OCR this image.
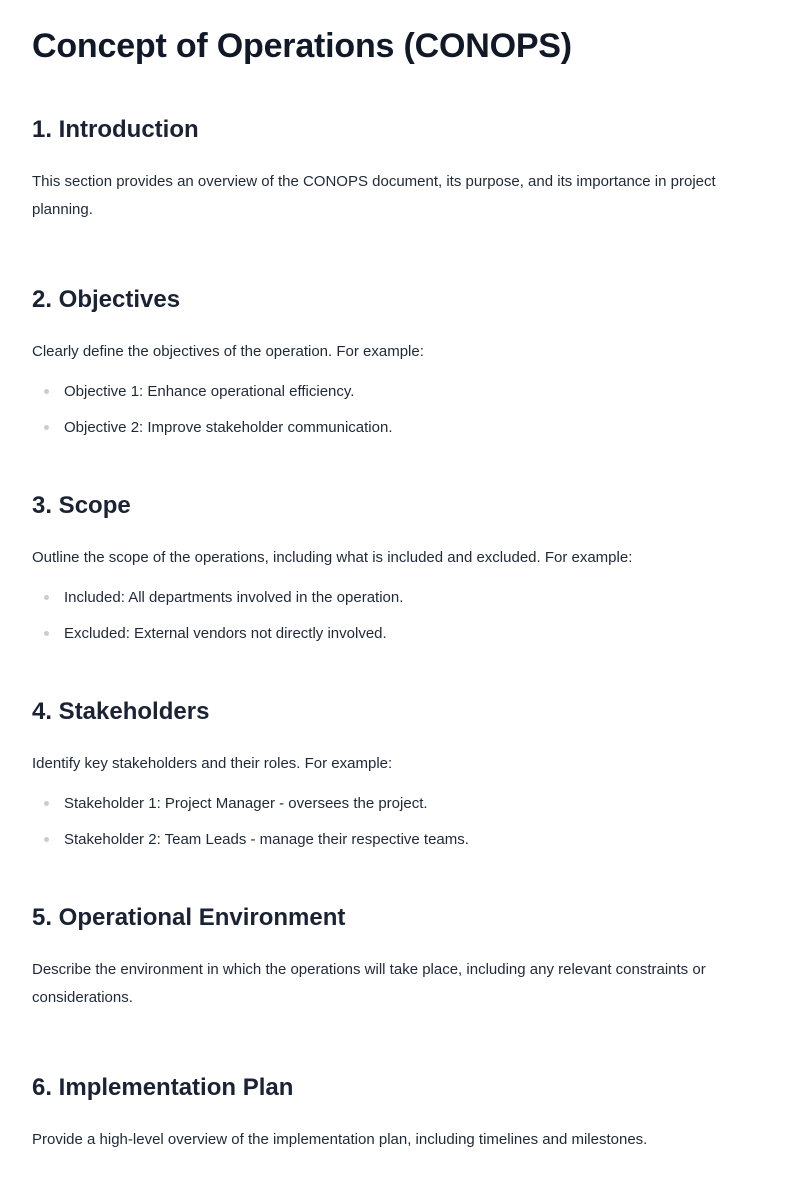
Concept of Operations (CONOPS)
1. Introduction

This section provides an overview of the CONOPS document, its purpose, and its importance in project planning.

2. Objectives

Clearly define the objectives of the operation. For example:

Objective 1: Enhance operational efficiency.
Objective 2: Improve stakeholder communication.
3. Scope

Outline the scope of the operations, including what is included and excluded. For example:

Included: All departments involved in the operation.
Excluded: External vendors not directly involved.
4. Stakeholders

Identify key stakeholders and their roles. For example:

Stakeholder 1: Project Manager - oversees the project.
Stakeholder 2: Team Leads - manage their respective teams.
5. Operational Environment

Describe the environment in which the operations will take place, including any relevant constraints or considerations.

6. Implementation Plan

Provide a high-level overview of the implementation plan, including timelines and milestones.
